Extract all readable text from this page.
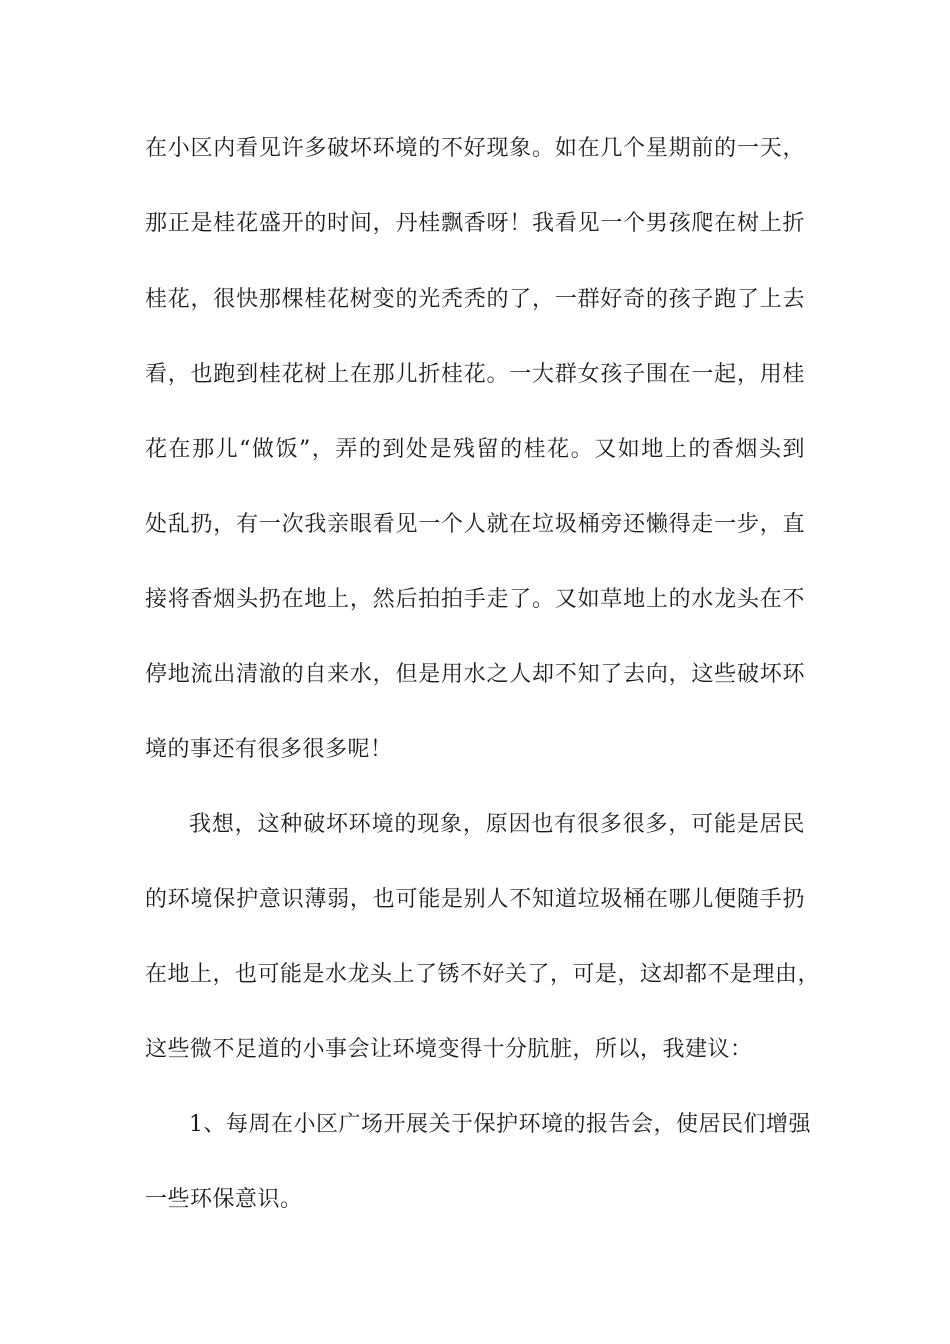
在小区内看见许多破坏环境的不好现象。如在几个星期前的一天，
那正是桂花盛开的时间，丹桂飘香呀！我看见一个男孩爬在树上折
桂花，很快那棵桂花树变的光秃秃的了，一群好奇的孩子跑了上去
看，也跑到桂花树上在那儿折桂花。一大群女孩子围在一起，用桂
花在那儿“做饭”，弄的到处是残留的桂花。又如地上的香烟头到
处乱扔，有一次我亲眼看见一个人就在垃圾桶旁还懒得走一步，直
接将香烟头扔在地上，然后拍拍手走了。又如草地上的水龙头在不
停地流出清澈的自来水，但是用水之人却不知了去向，这些破坏环
境的事还有很多很多呢！
我想，这种破坏环境的现象，原因也有很多很多，可能是居民
的环境保护意识薄弱，也可能是别人不知道垃圾桶在哪儿便随手扔
在地上，也可能是水龙头上了锈不好关了，可是，这却都不是理由，
这些微不足道的小事会让环境变得十分肮脏，所以，我建议：
1、每周在小区广场开展关于保护环境的报告会，使居民们增强
一些环保意识。
